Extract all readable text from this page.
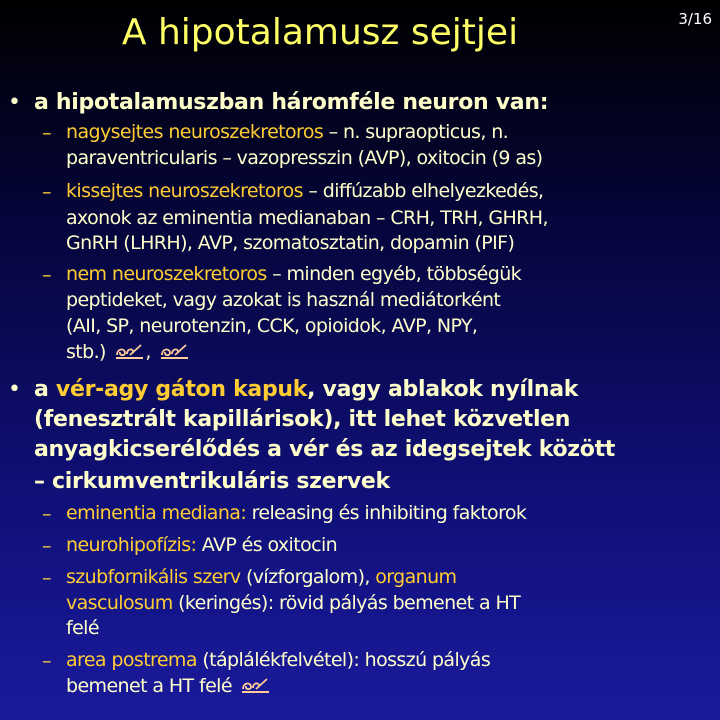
A hipotalamusz sejtjei	3/16
• a hipotalamuszban háromféle neuron van:
– nagysejtes neuroszekretoros – n. supraopticus, n.
paraventricularis – vazopresszin (AVP), oxitocin (9 as)
– kissejtes neuroszekretoros – diffúzabb elhelyezkedés,
axonok az eminentia medianaban – CRH, TRH, GHRH,
GnRH (LHRH), AVP, szomatosztatin, dopamin (PIF)
– nem neuroszekretoros – minden egyéb, többségük
peptideket, vagy azokat is használ mediátorként
(AII, SP, neurotenzin, CCK, opioidok, AVP, NPY,
stb.) ,
• a vér-agy gáton kapuk, vagy ablakok nyílnak
(fenesztrált kapillárisok), itt lehet közvetlen
anyagkicserélődés a vér és az idegsejtek között
– cirkumventrikuláris szervek
– eminentia mediana: releasing és inhibiting faktorok
– neurohipofízis: AVP és oxitocin
– szubfornikális szerv (vízforgalom), organum
vasculosum (keringés): rövid pályás bemenet a HT
felé
– area postrema (táplálékfelvétel): hosszú pályás
bemenet a HT felé
